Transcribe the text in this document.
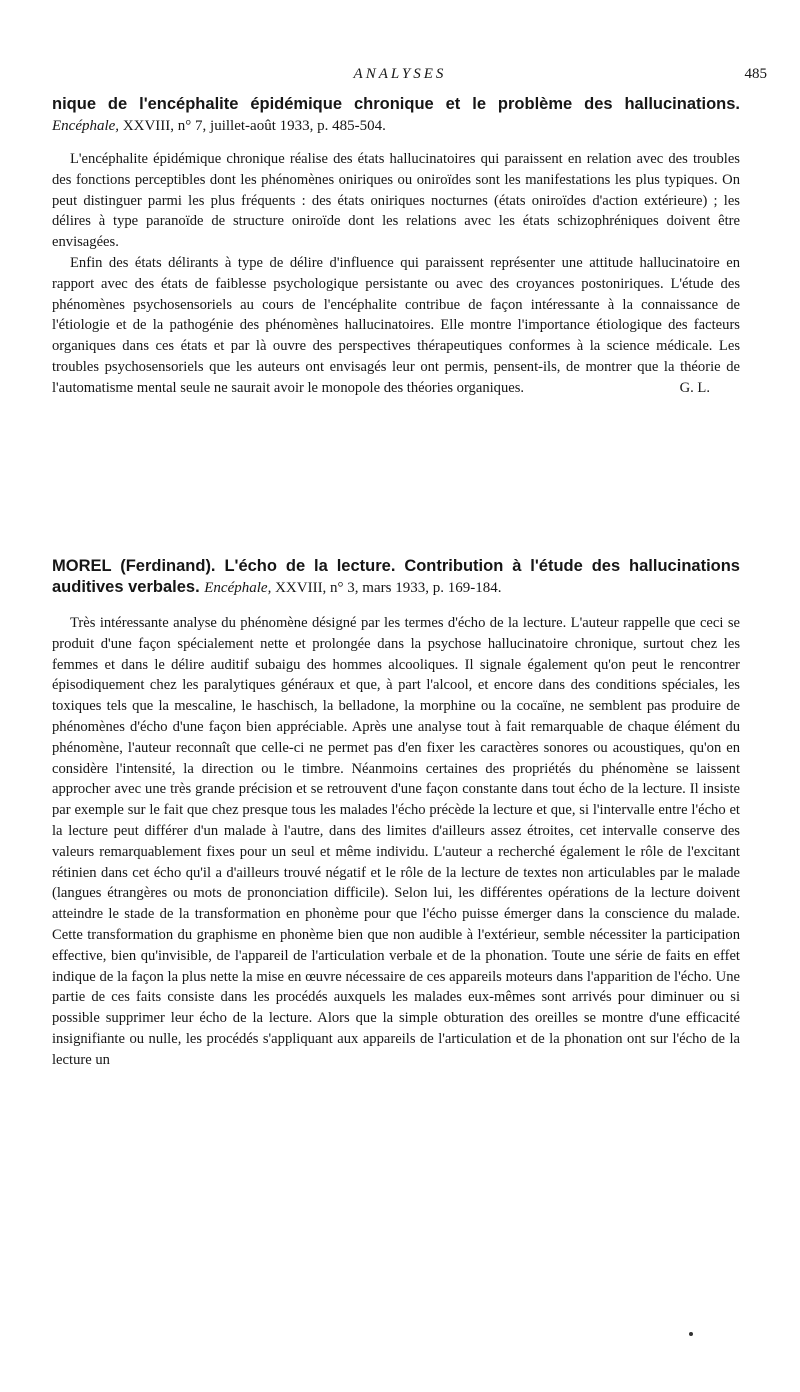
ANALYSES	485

nique de l'encéphalite épidémique chronique et le problème des hallucinations. Encéphale, XXVIII, n° 7, juillet-août 1933, p. 485-504.

L'encéphalite épidémique chronique réalise des états hallucinatoires qui paraissent en relation avec des troubles des fonctions perceptibles dont les phénomènes oniriques ou oniroïdes sont les manifestations les plus typiques. On peut distinguer parmi les plus fréquents : des états oniriques nocturnes (états oniroïdes d'action extérieure) ; les délires à type paranoïde de structure oniroïde dont les relations avec les états schizophréniques doivent être envisagées.

Enfin des états délirants à type de délire d'influence qui paraissent représenter une attitude hallucinatoire en rapport avec des états de faiblesse psychologique persistante ou avec des croyances postoniriques. L'étude des phénomènes psychosensoriels au cours de l'encéphalite contribue de façon intéressante à la connaissance de l'étiologie et de la pathogénie des phénomènes hallucinatoires. Elle montre l'importance étiologique des facteurs organiques dans ces états et par là ouvre des perspectives thérapeutiques conformes à la science médicale. Les troubles psychosensoriels que les auteurs ont envisagés leur ont permis, pensent-ils, de montrer que la théorie de l'automatisme mental seule ne saurait avoir le monopole des théories organiques.	G. L.

MOREL (Ferdinand). L'écho de la lecture. Contribution à l'étude des hallucinations auditives verbales. Encéphale, XXVIII, n° 3, mars 1933, p. 169-184.

Très intéressante analyse du phénomène désigné par les termes d'écho de la lecture. L'auteur rappelle que ceci se produit d'une façon spécialement nette et prolongée dans la psychose hallucinatoire chronique, surtout chez les femmes et dans le délire auditif subaigu des hommes alcooliques. Il signale également qu'on peut le rencontrer épisodiquement chez les paralytiques généraux et que, à part l'alcool, et encore dans des conditions spéciales, les toxiques tels que la mescaline, le haschisch, la belladone, la morphine ou la cocaïne, ne semblent pas produire de phénomènes d'écho d'une façon bien appréciable. Après une analyse tout à fait remarquable de chaque élément du phénomène, l'auteur reconnaît que celle-ci ne permet pas d'en fixer les caractères sonores ou acoustiques, qu'on en considère l'intensité, la direction ou le timbre. Néanmoins certaines des propriétés du phénomène se laissent approcher avec une très grande précision et se retrouvent d'une façon constante dans tout écho de la lecture. Il insiste par exemple sur le fait que chez presque tous les malades l'écho précède la lecture et que, si l'intervalle entre l'écho et la lecture peut différer d'un malade à l'autre, dans des limites d'ailleurs assez étroites, cet intervalle conserve des valeurs remarquablement fixes pour un seul et même individu. L'auteur a recherché également le rôle de l'excitant rétinien dans cet écho qu'il a d'ailleurs trouvé négatif et le rôle de la lecture de textes non articulables par le malade (langues étrangères ou mots de prononciation difficile). Selon lui, les différentes opérations de la lecture doivent atteindre le stade de la transformation en phonème pour que l'écho puisse émerger dans la conscience du malade. Cette transformation du graphisme en phonème bien que non audible à l'extérieur, semble nécessiter la participation effective, bien qu'invisible, de l'appareil de l'articulation verbale et de la phonation. Toute une série de faits en effet indique de la façon la plus nette la mise en œuvre nécessaire de ces appareils moteurs dans l'apparition de l'écho. Une partie de ces faits consiste dans les procédés auxquels les malades eux-mêmes sont arrivés pour diminuer ou si possible supprimer leur écho de la lecture. Alors que la simple obturation des oreilles se montre d'une efficacité insignifiante ou nulle, les procédés s'appliquant aux appareils de l'articulation et de la phonation ont sur l'écho de la lecture un
